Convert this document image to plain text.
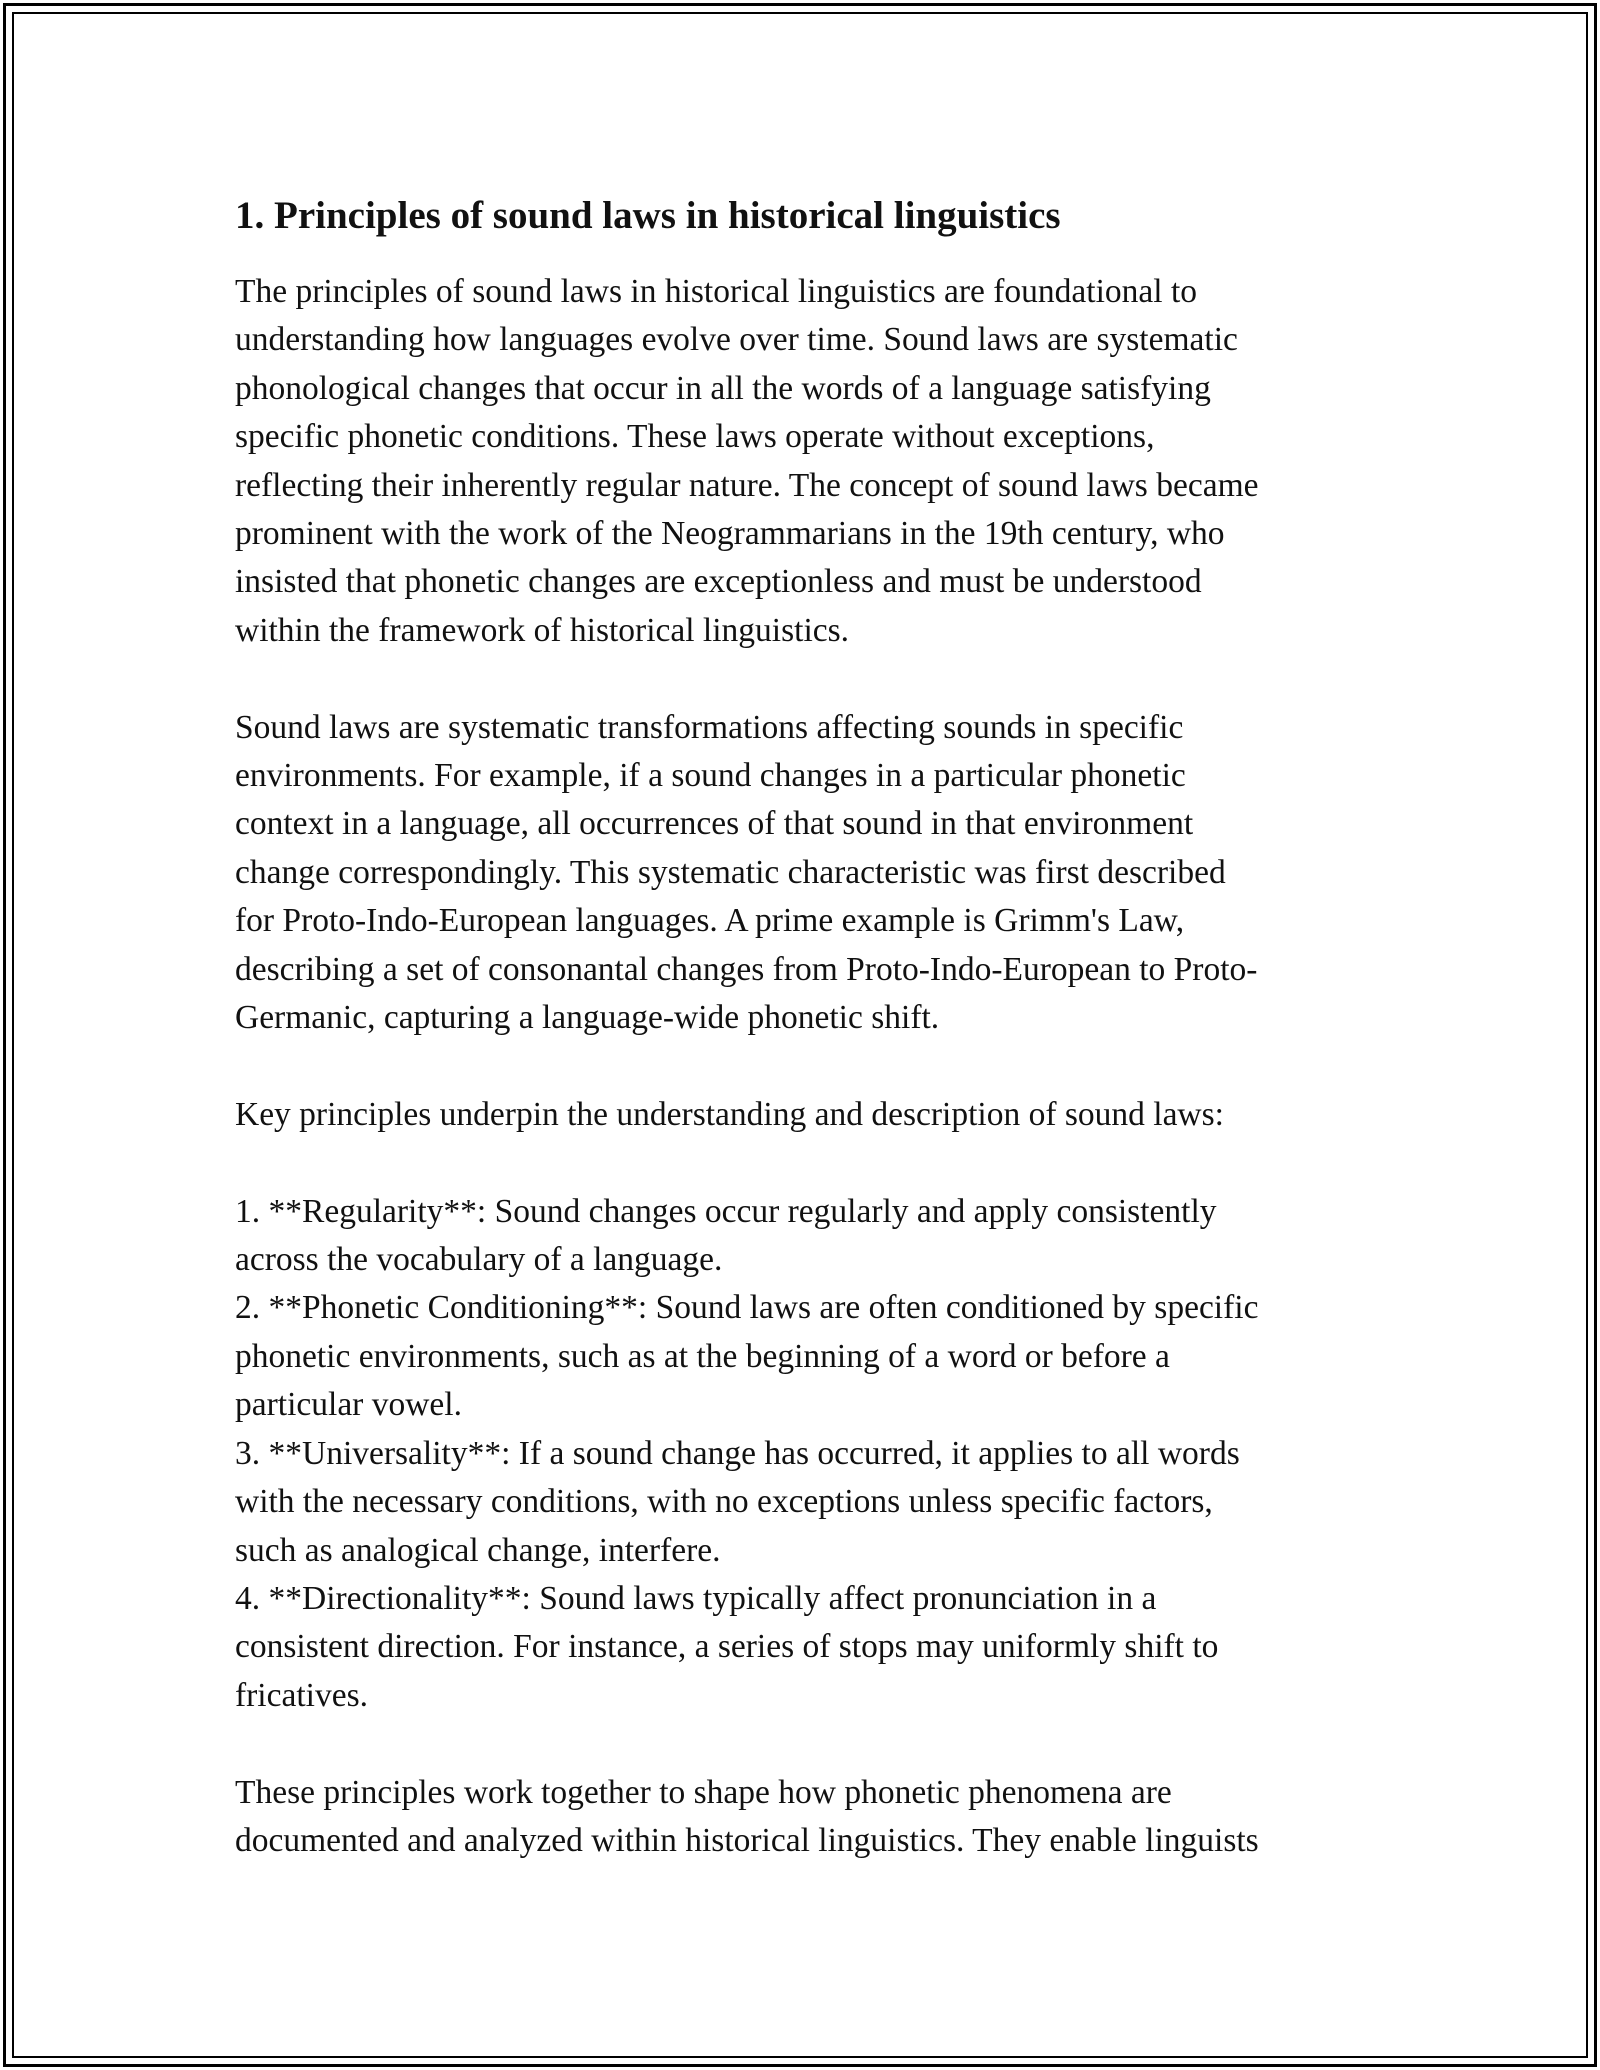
1. Principles of sound laws in historical linguistics

The principles of sound laws in historical linguistics are foundational to
understanding how languages evolve over time. Sound laws are systematic
phonological changes that occur in all the words of a language satisfying
specific phonetic conditions. These laws operate without exceptions,
reflecting their inherently regular nature. The concept of sound laws became
prominent with the work of the Neogrammarians in the 19th century, who
insisted that phonetic changes are exceptionless and must be understood
within the framework of historical linguistics.

Sound laws are systematic transformations affecting sounds in specific
environments. For example, if a sound changes in a particular phonetic
context in a language, all occurrences of that sound in that environment
change correspondingly. This systematic characteristic was first described
for Proto-Indo-European languages. A prime example is Grimm's Law,
describing a set of consonantal changes from Proto-Indo-European to Proto-
Germanic, capturing a language-wide phonetic shift.

Key principles underpin the understanding and description of sound laws:

1. **Regularity**: Sound changes occur regularly and apply consistently
across the vocabulary of a language.
2. **Phonetic Conditioning**: Sound laws are often conditioned by specific
phonetic environments, such as at the beginning of a word or before a
particular vowel.
3. **Universality**: If a sound change has occurred, it applies to all words
with the necessary conditions, with no exceptions unless specific factors,
such as analogical change, interfere.
4. **Directionality**: Sound laws typically affect pronunciation in a
consistent direction. For instance, a series of stops may uniformly shift to
fricatives.

These principles work together to shape how phonetic phenomena are
documented and analyzed within historical linguistics. They enable linguists
